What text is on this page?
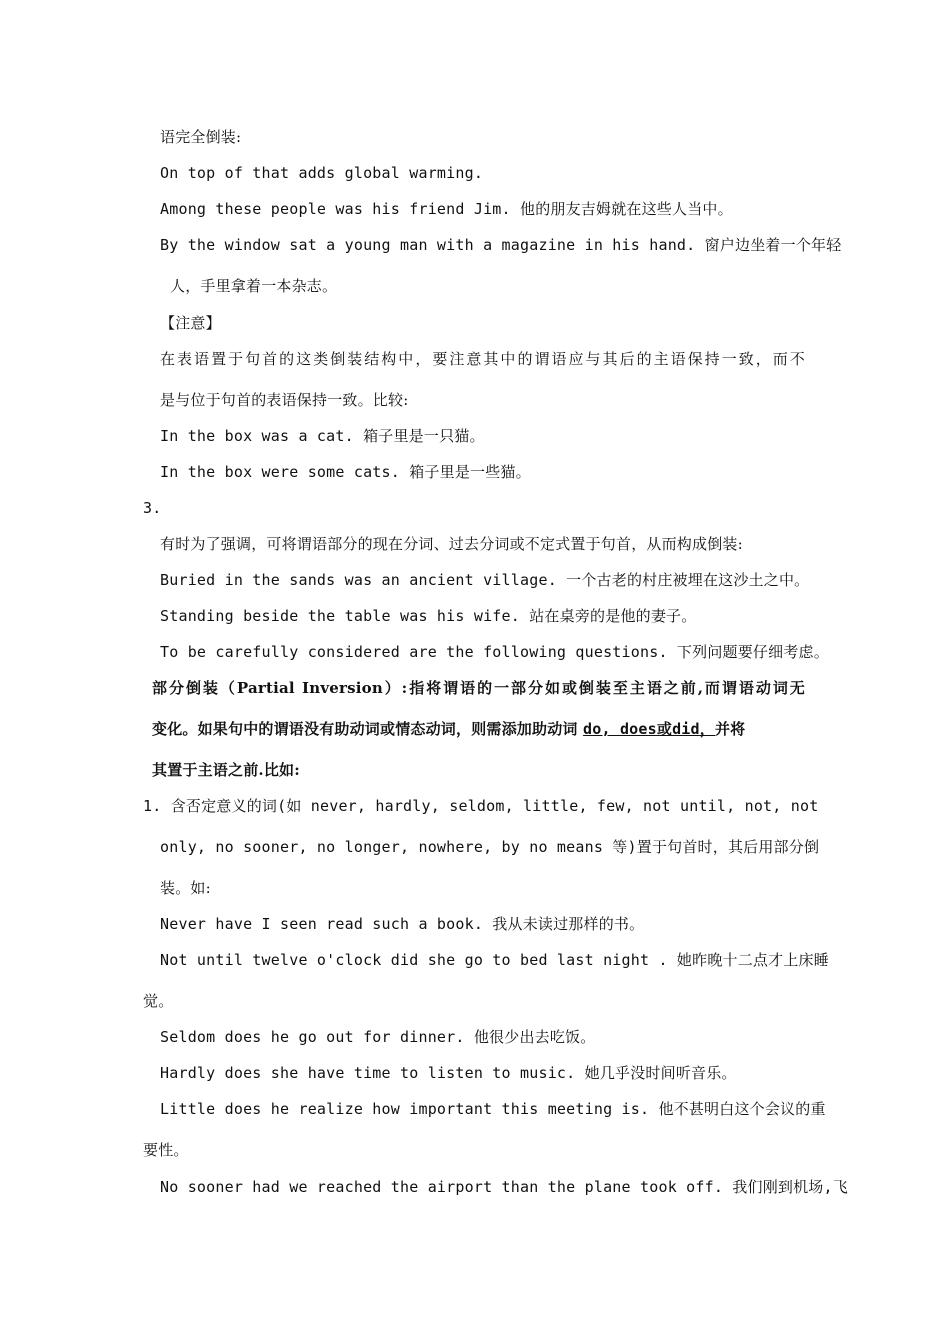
语完全倒装:
On top of that adds global warming.
Among these people was his friend Jim. 他的朋友吉姆就在这些人当中。
By the window sat a young man with a magazine in his hand. 窗户边坐着一个年轻
人，手里拿着一本杂志。
【注意】
在表语置于句首的这类倒装结构中，要注意其中的谓语应与其后的主语保持一致，而不
是与位于句首的表语保持一致。比较:
In the box was a cat. 箱子里是一只猫。
In the box were some cats. 箱子里是一些猫。
3.
有时为了强调，可将谓语部分的现在分词、过去分词或不定式置于句首，从而构成倒装:
Buried in the sands was an ancient village. 一个古老的村庄被埋在这沙土之中。
Standing beside the table was his wife. 站在桌旁的是他的妻子。
To be carefully considered are the following questions. 下列问题要仔细考虑。
部分倒装（Partial Inversion）:指将谓语的一部分如或倒装至主语之前,而谓语动词无
变化。如果句中的谓语没有助动词或情态动词，则需添加助动词 do, does或did，并将
其置于主语之前.比如:
1. 含否定意义的词(如 never, hardly, seldom, little, few, not until, not, not
only, no sooner, no longer, nowhere, by no means 等)置于句首时，其后用部分倒
装。如:
Never have I seen read such a book. 我从未读过那样的书。
Not until twelve o'clock did she go to bed last night . 她昨晚十二点才上床睡
觉。
Seldom does he go out for dinner. 他很少出去吃饭。
Hardly does she have time to listen to music. 她几乎没时间听音乐。
Little does he realize how important this meeting is. 他不甚明白这个会议的重
要性。
No sooner had we reached the airport than the plane took off. 我们刚到机场,飞
